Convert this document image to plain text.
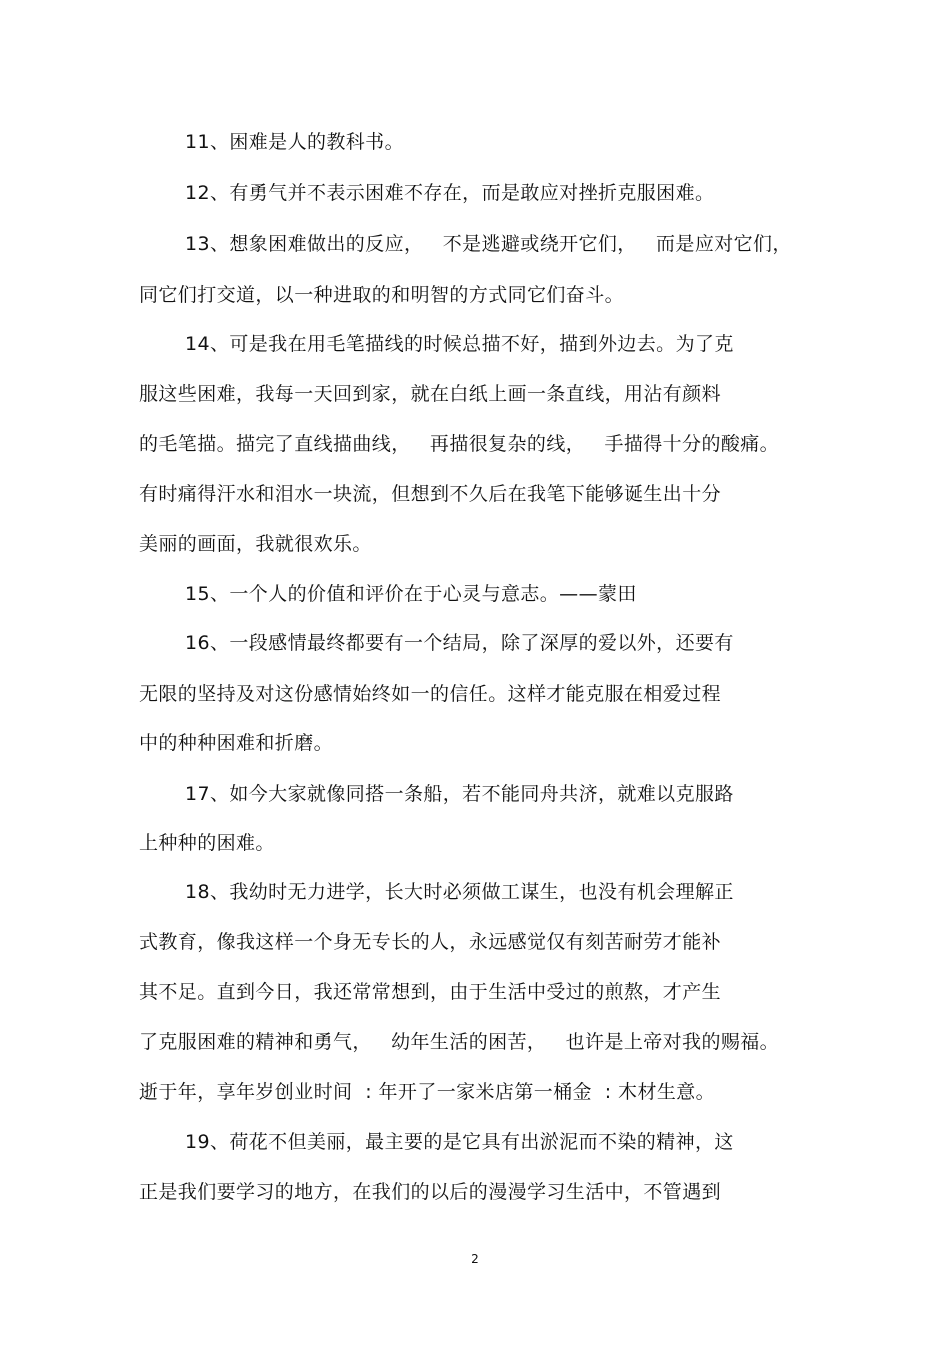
11、困难是人的教科书。
12、有勇气并不表示困难不存在，而是敢应对挫折克服困难。
13、想象困难做出的反应，   不是逃避或绕开它们，   而是应对它们，
同它们打交道，以一种进取的和明智的方式同它们奋斗。
14、可是我在用毛笔描线的时候总描不好，描到外边去。为了克
服这些困难，我每一天回到家，就在白纸上画一条直线，用沾有颜料
的毛笔描。描完了直线描曲线，   再描很复杂的线，   手描得十分的酸痛。
有时痛得汗水和泪水一块流，但想到不久后在我笔下能够诞生出十分
美丽的画面，我就很欢乐。
15、一个人的价值和评价在于心灵与意志。——蒙田
16、一段感情最终都要有一个结局，除了深厚的爱以外，还要有
无限的坚持及对这份感情始终如一的信任。这样才能克服在相爱过程
中的种种困难和折磨。
17、如今大家就像同搭一条船，若不能同舟共济，就难以克服路
上种种的困难。
18、我幼时无力进学，长大时必须做工谋生，也没有机会理解正
式教育，像我这样一个身无专长的人，永远感觉仅有刻苦耐劳才能补
其不足。直到今日，我还常常想到，由于生活中受过的煎熬，才产生
了克服困难的精神和勇气，   幼年生活的困苦，   也许是上帝对我的赐福。
逝于年，享年岁创业时间  : 年开了一家米店第一桶金  : 木材生意。
19、荷花不但美丽，最主要的是它具有出淤泥而不染的精神，这
正是我们要学习的地方，在我们的以后的漫漫学习生活中，不管遇到
2
